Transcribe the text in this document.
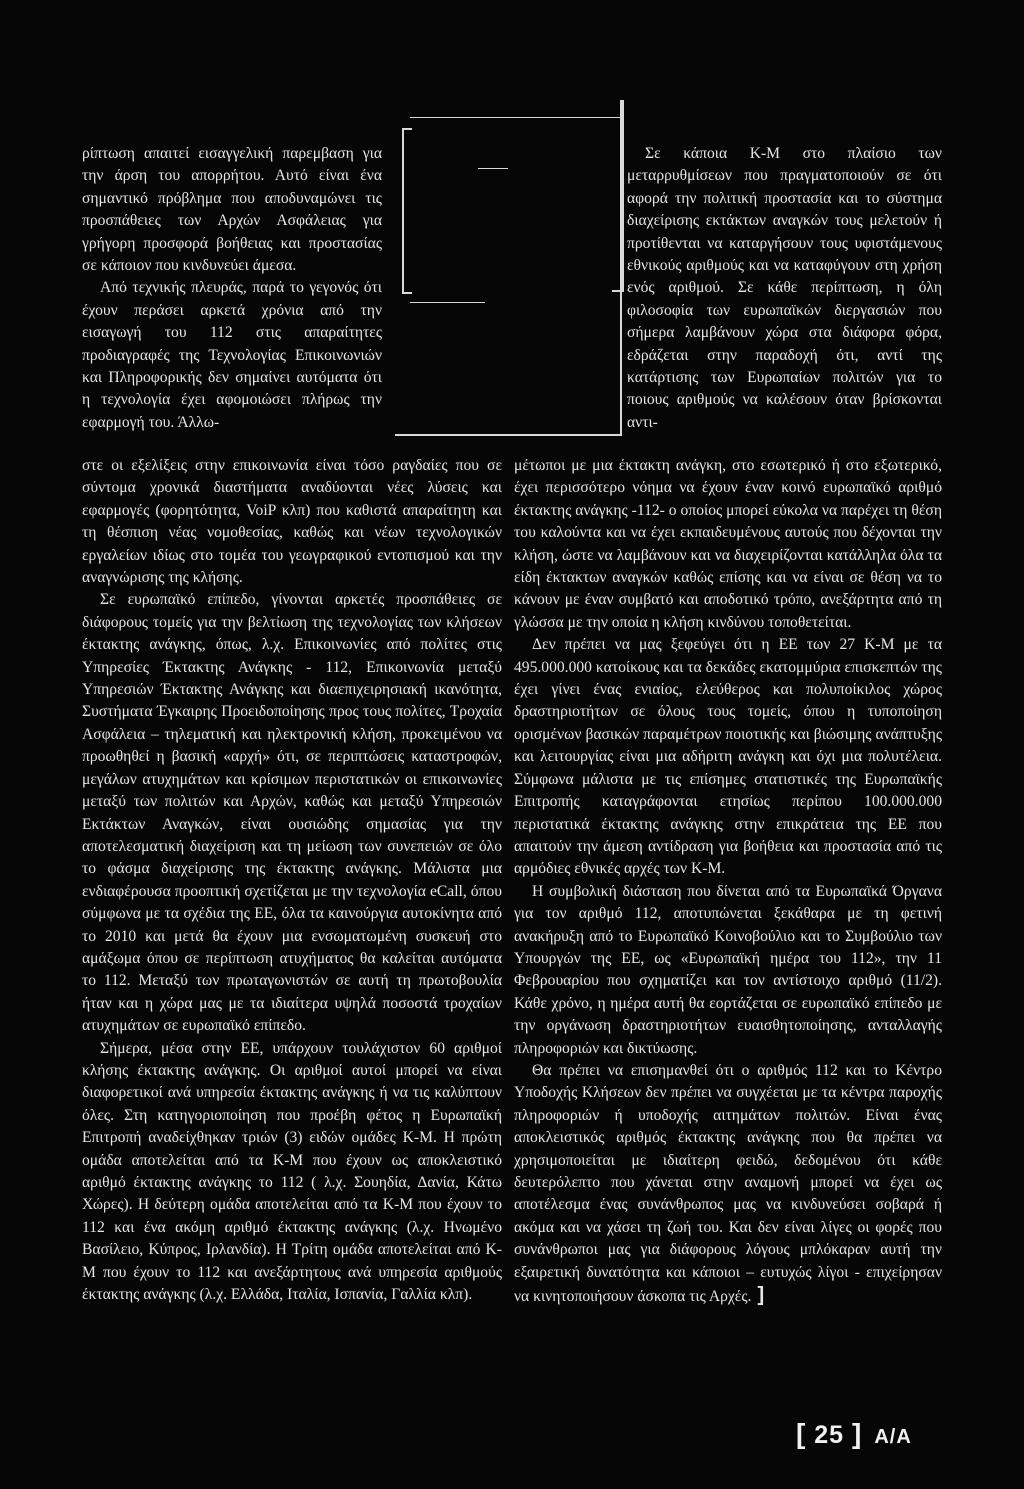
ρίπτωση απαιτεί εισαγγελική παρεμβαση για την άρση του απορρήτου. Αυτό είναι ένα σημαντικό πρόβλημα που αποδυναμώνει τις προσπάθειες των Αρχών Ασφάλειας για γρήγορη προσφορά βοήθειας και προστασίας σε κάποιον που κινδυνεύει άμεσα.

Από τεχνικής πλευράς, παρά το γεγονός ότι έχουν περάσει αρκετά χρόνια από την εισαγωγή του 112 στις απαραίτητες προδιαγραφές της Τεχνολογίας Επικοινωνιών και Πληροφορικής δεν σημαίνει αυτόματα ότι η τεχνολογία έχει αφομοιώσει πλήρως την εφαρμογή του. Άλλω-

Σε κάποια Κ-Μ στο πλαίσιο των μεταρρυθμίσεων που πραγματοποιούν σε ότι αφορά την πολιτική προστασία και το σύστημα διαχείρισης εκτάκτων αναγκών τους μελετούν ή προτίθενται να καταργήσουν τους υφιστάμενους εθνικούς αριθμούς και να καταφύγουν στη χρήση ενός αριθμού. Σε κάθε περίπτωση, η όλη φιλοσοφία των ευρωπαϊκών διεργασιών που σήμερα λαμβάνουν χώρα στα διάφορα φόρα, εδράζεται στην παραδοχή ότι, αντί της κατάρτισης των Ευρωπαίων πολιτών για το ποιους αριθμούς να καλέσουν όταν βρίσκονται αντι-

στε οι εξελίξεις στην επικοινωνία είναι τόσο ραγδαίες που σε σύντομα χρονικά διαστήματα αναδύονται νέες λύσεις και εφαρμογές (φορητότητα, VoiP κλπ) που καθιστά απαραίτητη και τη θέσπιση νέας νομοθεσίας, καθώς και νέων τεχνολογικών εργαλείων ιδίως στο τομέα του γεωγραφικού εντοπισμού και την αναγνώρισης της κλήσης.

Σε ευρωπαϊκό επίπεδο, γίνονται αρκετές προσπάθειες σε διάφορους τομείς για την βελτίωση της τεχνολογίας των κλήσεων έκτακτης ανάγκης, όπως, λ.χ. Επικοινωνίες από πολίτες στις Υπηρεσίες Έκτακτης Ανάγκης - 112, Επικοινωνία μεταξύ Υπηρεσιών Έκτακτης Ανάγκης και διαεπιχειρησιακή ικανότητα, Συστήματα Έγκαιρης Προειδοποίησης προς τους πολίτες, Τροχαία Ασφάλεια – τηλεματική και ηλεκτρονική κλήση, προκειμένου να προωθηθεί η βασική «αρχή» ότι, σε περιπτώσεις καταστροφών, μεγάλων ατυχημάτων και κρίσιμων περιστατικών οι επικοινωνίες μεταξύ των πολιτών και Αρχών, καθώς και μεταξύ Υπηρεσιών Εκτάκτων Αναγκών, είναι ουσιώδης σημασίας για την αποτελεσματική διαχείριση και τη μείωση των συνεπειών σε όλο το φάσμα διαχείρισης της έκτακτης ανάγκης. Μάλιστα μια ενδιαφέρουσα προοπτική σχετίζεται με την τεχνολογία eCall, όπου σύμφωνα με τα σχέδια της ΕΕ, όλα τα καινούργια αυτοκίνητα από το 2010 και μετά θα έχουν μια ενσωματωμένη συσκευή στο αμάξωμα όπου σε περίπτωση ατυχήματος θα καλείται αυτόματα το 112. Μεταξύ των πρωταγωνιστών σε αυτή τη πρωτοβουλία ήταν και η χώρα μας με τα ιδιαίτερα υψηλά ποσοστά τροχαίων ατυχημάτων σε ευρωπαϊκό επίπεδο.

Σήμερα, μέσα στην ΕΕ, υπάρχουν τουλάχιστον 60 αριθμοί κλήσης έκτακτης ανάγκης. Οι αριθμοί αυτοί μπορεί να είναι διαφορετικοί ανά υπηρεσία έκτακτης ανάγκης ή να τις καλύπτουν όλες. Στη κατηγοριοποίηση που προέβη φέτος η Ευρωπαϊκή Επιτροπή αναδείχθηκαν τριών (3) ειδών ομάδες Κ-Μ. Η πρώτη ομάδα αποτελείται από τα Κ-Μ που έχουν ως αποκλειστικό αριθμό έκτακτης ανάγκης το 112 ( λ.χ. Σουηδία, Δανία, Κάτω Χώρες). Η δεύτερη ομάδα αποτελείται από τα Κ-Μ που έχουν το 112 και ένα ακόμη αριθμό έκτακτης ανάγκης (λ.χ. Ηνωμένο Βασίλειο, Κύπρος, Ιρλανδία). Η Τρίτη ομάδα αποτελείται από Κ-Μ που έχουν το 112 και ανεξάρτητους ανά υπηρεσία αριθμούς έκτακτης ανάγκης (λ.χ. Ελλάδα, Ιταλία, Ισπανία, Γαλλία κλπ).

μέτωποι με μια έκτακτη ανάγκη, στο εσωτερικό ή στο εξωτερικό, έχει περισσότερο νόημα να έχουν έναν κοινό ευρωπαϊκό αριθμό έκτακτης ανάγκης -112- ο οποίος μπορεί εύκολα να παρέχει τη θέση του καλούντα και να έχει εκπαιδευμένους αυτούς που δέχονται την κλήση, ώστε να λαμβάνουν και να διαχειρίζονται κατάλληλα όλα τα είδη έκτακτων αναγκών καθώς επίσης και να είναι σε θέση να το κάνουν με έναν συμβατό και αποδοτικό τρόπο, ανεξάρτητα από τη γλώσσα με την οποία η κλήση κινδύνου τοποθετείται.

Δεν πρέπει να μας ξεφεύγει ότι η ΕΕ των 27 Κ-Μ με τα 495.000.000 κατοίκους και τα δεκάδες εκατομμύρια επισκεπτών της έχει γίνει ένας ενιαίος, ελεύθερος και πολυποίκιλος χώρος δραστηριοτήτων σε όλους τους τομείς, όπου η τυποποίηση ορισμένων βασικών παραμέτρων ποιοτικής και βιώσιμης ανάπτυξης και λειτουργίας είναι μια αδήριτη ανάγκη και όχι μια πολυτέλεια. Σύμφωνα μάλιστα με τις επίσημες στατιστικές της Ευρωπαϊκής Επιτροπής καταγράφονται ετησίως περίπου 100.000.000 περιστατικά έκτακτης ανάγκης στην επικράτεια της ΕΕ που απαιτούν την άμεση αντίδραση για βοήθεια και προστασία από τις αρμόδιες εθνικές αρχές των Κ-Μ.

Η συμβολική διάσταση που δίνεται από τα Ευρωπαϊκά Όργανα για τον αριθμό 112, αποτυπώνεται ξεκάθαρα με τη φετινή ανακήρυξη από το Ευρωπαϊκό Κοινοβούλιο και το Συμβούλιο των Υπουργών της ΕΕ, ως «Ευρωπαϊκή ημέρα του 112», την 11 Φεβρουαρίου που σχηματίζει και τον αντίστοιχο αριθμό (11/2). Κάθε χρόνο, η ημέρα αυτή θα εορτάζεται σε ευρωπαϊκό επίπεδο με την οργάνωση δραστηριοτήτων ευαισθητοποίησης, ανταλλαγής πληροφοριών και δικτύωσης.

Θα πρέπει να επισημανθεί ότι ο αριθμός 112 και το Κέντρο Υποδοχής Κλήσεων δεν πρέπει να συγχέεται με τα κέντρα παροχής πληροφοριών ή υποδοχής αιτημάτων πολιτών. Είναι ένας αποκλειστικός αριθμός έκτακτης ανάγκης που θα πρέπει να χρησιμοποιείται με ιδιαίτερη φειδώ, δεδομένου ότι κάθε δευτερόλεπτο που χάνεται στην αναμονή μπορεί να έχει ως αποτέλεσμα ένας συνάνθρωπος μας να κινδυνεύσει σοβαρά ή ακόμα και να χάσει τη ζωή του. Και δεν είναι λίγες οι φορές που συνάνθρωποι μας για διάφορους λόγους μπλόκαραν αυτή την εξαιρετική δυνατότητα και κάποιοι – ευτυχώς λίγοι - επιχείρησαν να κινητοποιήσουν άσκοπα τις Αρχές. ]

[ 25 ] A/A
